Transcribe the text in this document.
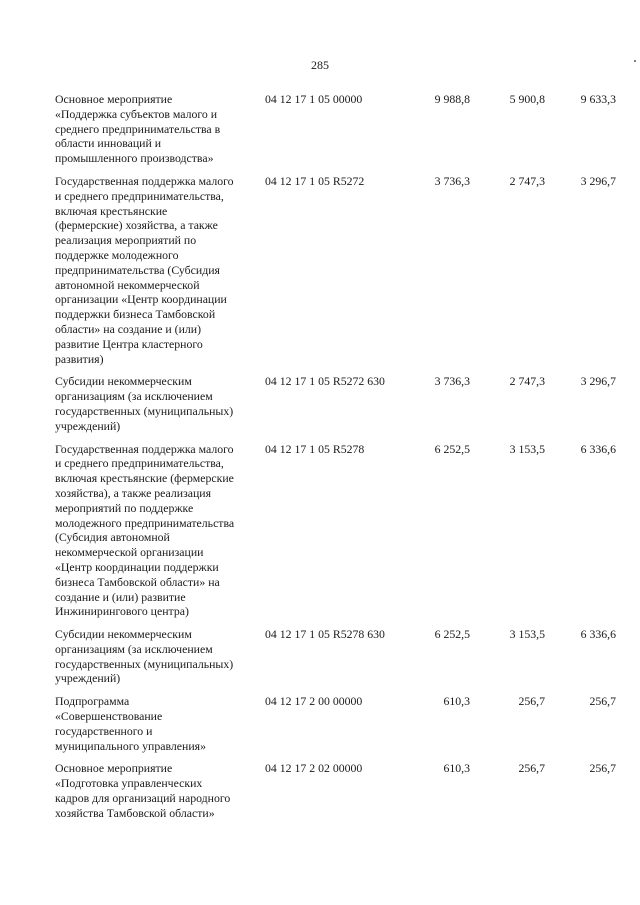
285
Основное мероприятие
«Поддержка субъектов малого и
среднего предпринимательства в
области инноваций и
промышленного производства»
04 12 17 1 05 00000	9 988,8	5 900,8	9 633,3
Государственная поддержка малого
и среднего предпринимательства,
включая крестьянские
(фермерские) хозяйства, а также
реализация мероприятий по
поддержке молодежного
предпринимательства (Субсидия
автономной некоммерческой
организации «Центр координации
поддержки бизнеса Тамбовской
области» на создание и (или)
развитие Центра кластерного
развития)
04 12 17 1 05 R5272	3 736,3	2 747,3	3 296,7
Субсидии некоммерческим
организациям (за исключением
государственных (муниципальных)
учреждений)
04 12 17 1 05 R5272 630	3 736,3	2 747,3	3 296,7
Государственная поддержка малого
и среднего предпринимательства,
включая крестьянские (фермерские
хозяйства), а также реализация
мероприятий по поддержке
молодежного предпринимательства
(Субсидия автономной
некоммерческой организации
«Центр координации поддержки
бизнеса Тамбовской области» на
создание и (или) развитие
Инжинирингового центра)
04 12 17 1 05 R5278	6 252,5	3 153,5	6 336,6
Субсидии некоммерческим
организациям (за исключением
государственных (муниципальных)
учреждений)
04 12 17 1 05 R5278 630	6 252,5	3 153,5	6 336,6
Подпрограмма
«Совершенствование
государственного и
муниципального управления»
04 12 17 2 00 00000	610,3	256,7	256,7
Основное мероприятие
«Подготовка управленческих
кадров для организаций народного
хозяйства Тамбовской области»
04 12 17 2 02 00000	610,3	256,7	256,7
